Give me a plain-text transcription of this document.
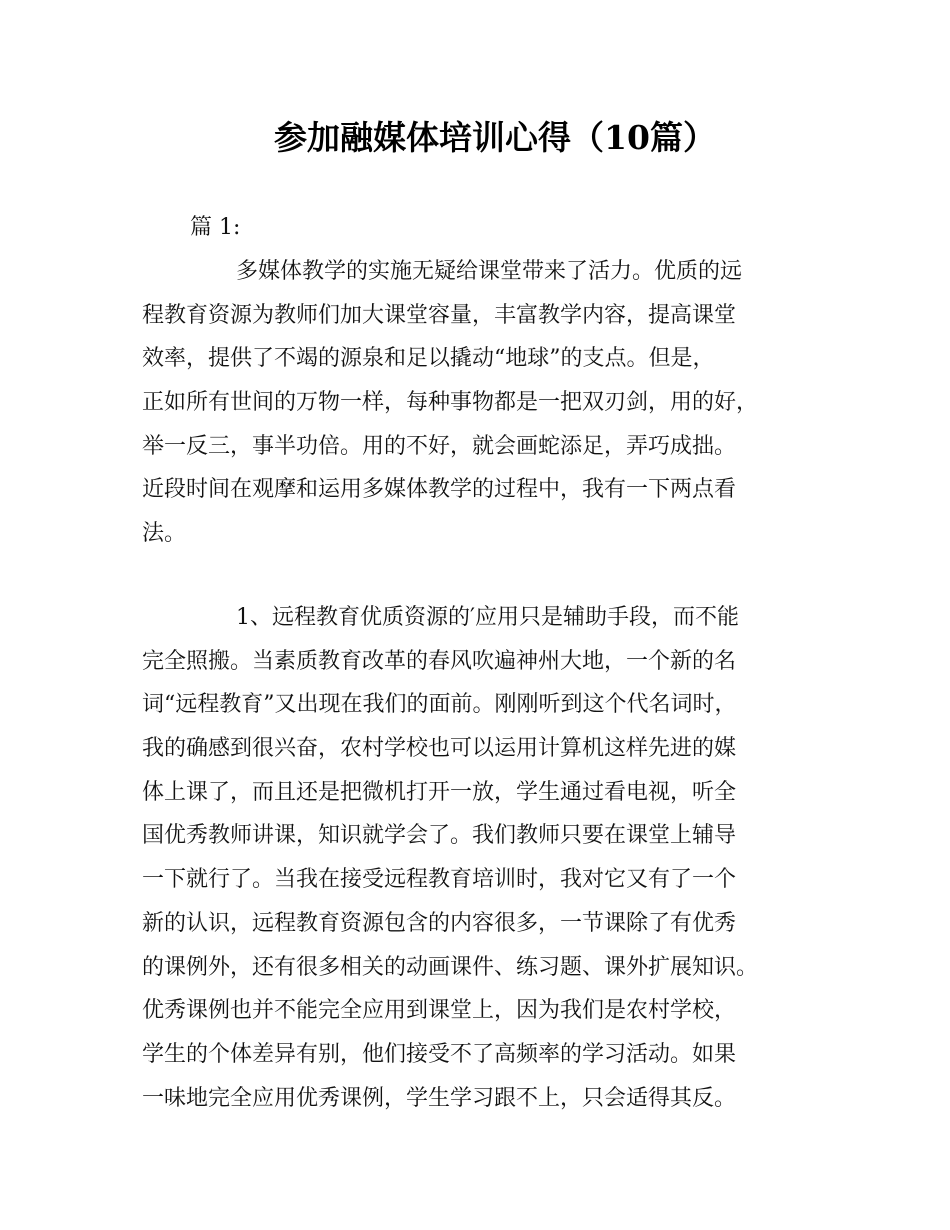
参加融媒体培训心得（10篇）
篇 1:
多媒体教学的实施无疑给课堂带来了活力。优质的远
程教育资源为教师们加大课堂容量，丰富教学内容，提高课堂
效率，提供了不竭的源泉和足以撬动“地球”的支点。但是，
正如所有世间的万物一样，每种事物都是一把双刃剑，用的好，
举一反三，事半功倍。用的不好，就会画蛇添足，弄巧成拙。
近段时间在观摩和运用多媒体教学的过程中，我有一下两点看
法。
1、远程教育优质资源的′应用只是辅助手段，而不能
完全照搬。当素质教育改革的春风吹遍神州大地，一个新的名
词“远程教育”又出现在我们的面前。刚刚听到这个代名词时，
我的确感到很兴奋，农村学校也可以运用计算机这样先进的媒
体上课了，而且还是把微机打开一放，学生通过看电视，听全
国优秀教师讲课，知识就学会了。我们教师只要在课堂上辅导
一下就行了。当我在接受远程教育培训时，我对它又有了一个
新的认识，远程教育资源包含的内容很多，一节课除了有优秀
的课例外，还有很多相关的动画课件、练习题、课外扩展知识。
优秀课例也并不能完全应用到课堂上，因为我们是农村学校，
学生的个体差异有别，他们接受不了高频率的学习活动。如果
一味地完全应用优秀课例，学生学习跟不上，只会适得其反。
